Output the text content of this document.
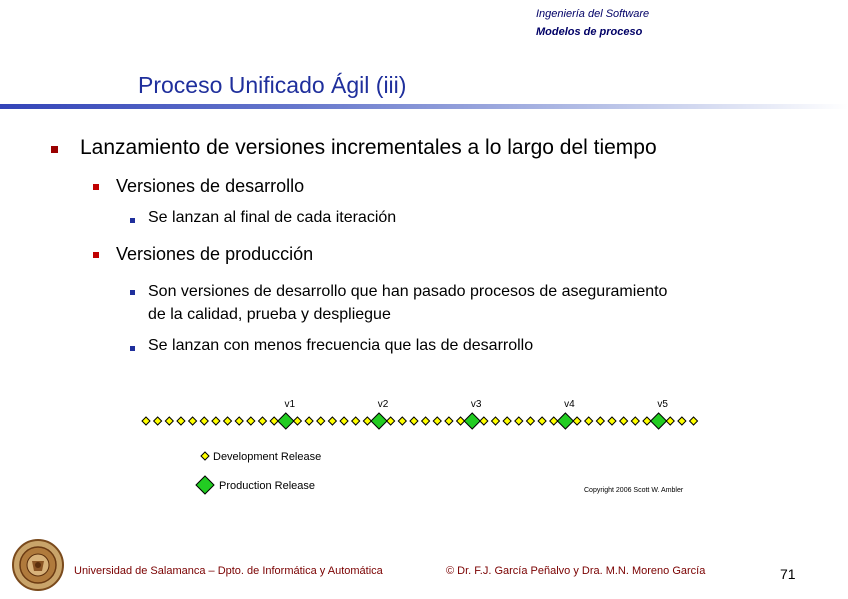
Ingeniería del Software
Modelos de proceso
Proceso Unificado Ágil (iii)
Lanzamiento de versiones incrementales a lo largo del tiempo
Versiones de desarrollo
Se lanzan al final de cada iteración
Versiones de producción
Son versiones de desarrollo que han pasado procesos de aseguramiento
de la calidad, prueba y despliegue
Se lanzan con menos frecuencia que las de desarrollo
v1	v2	v3	v4	v5
Development Release
Production Release	Copyright 2006 Scott W. Ambler
Universidad de Salamanca – Dpto. de Informática y Automática	© Dr. F.J. García Peñalvo y Dra. M.N. Moreno García	71
